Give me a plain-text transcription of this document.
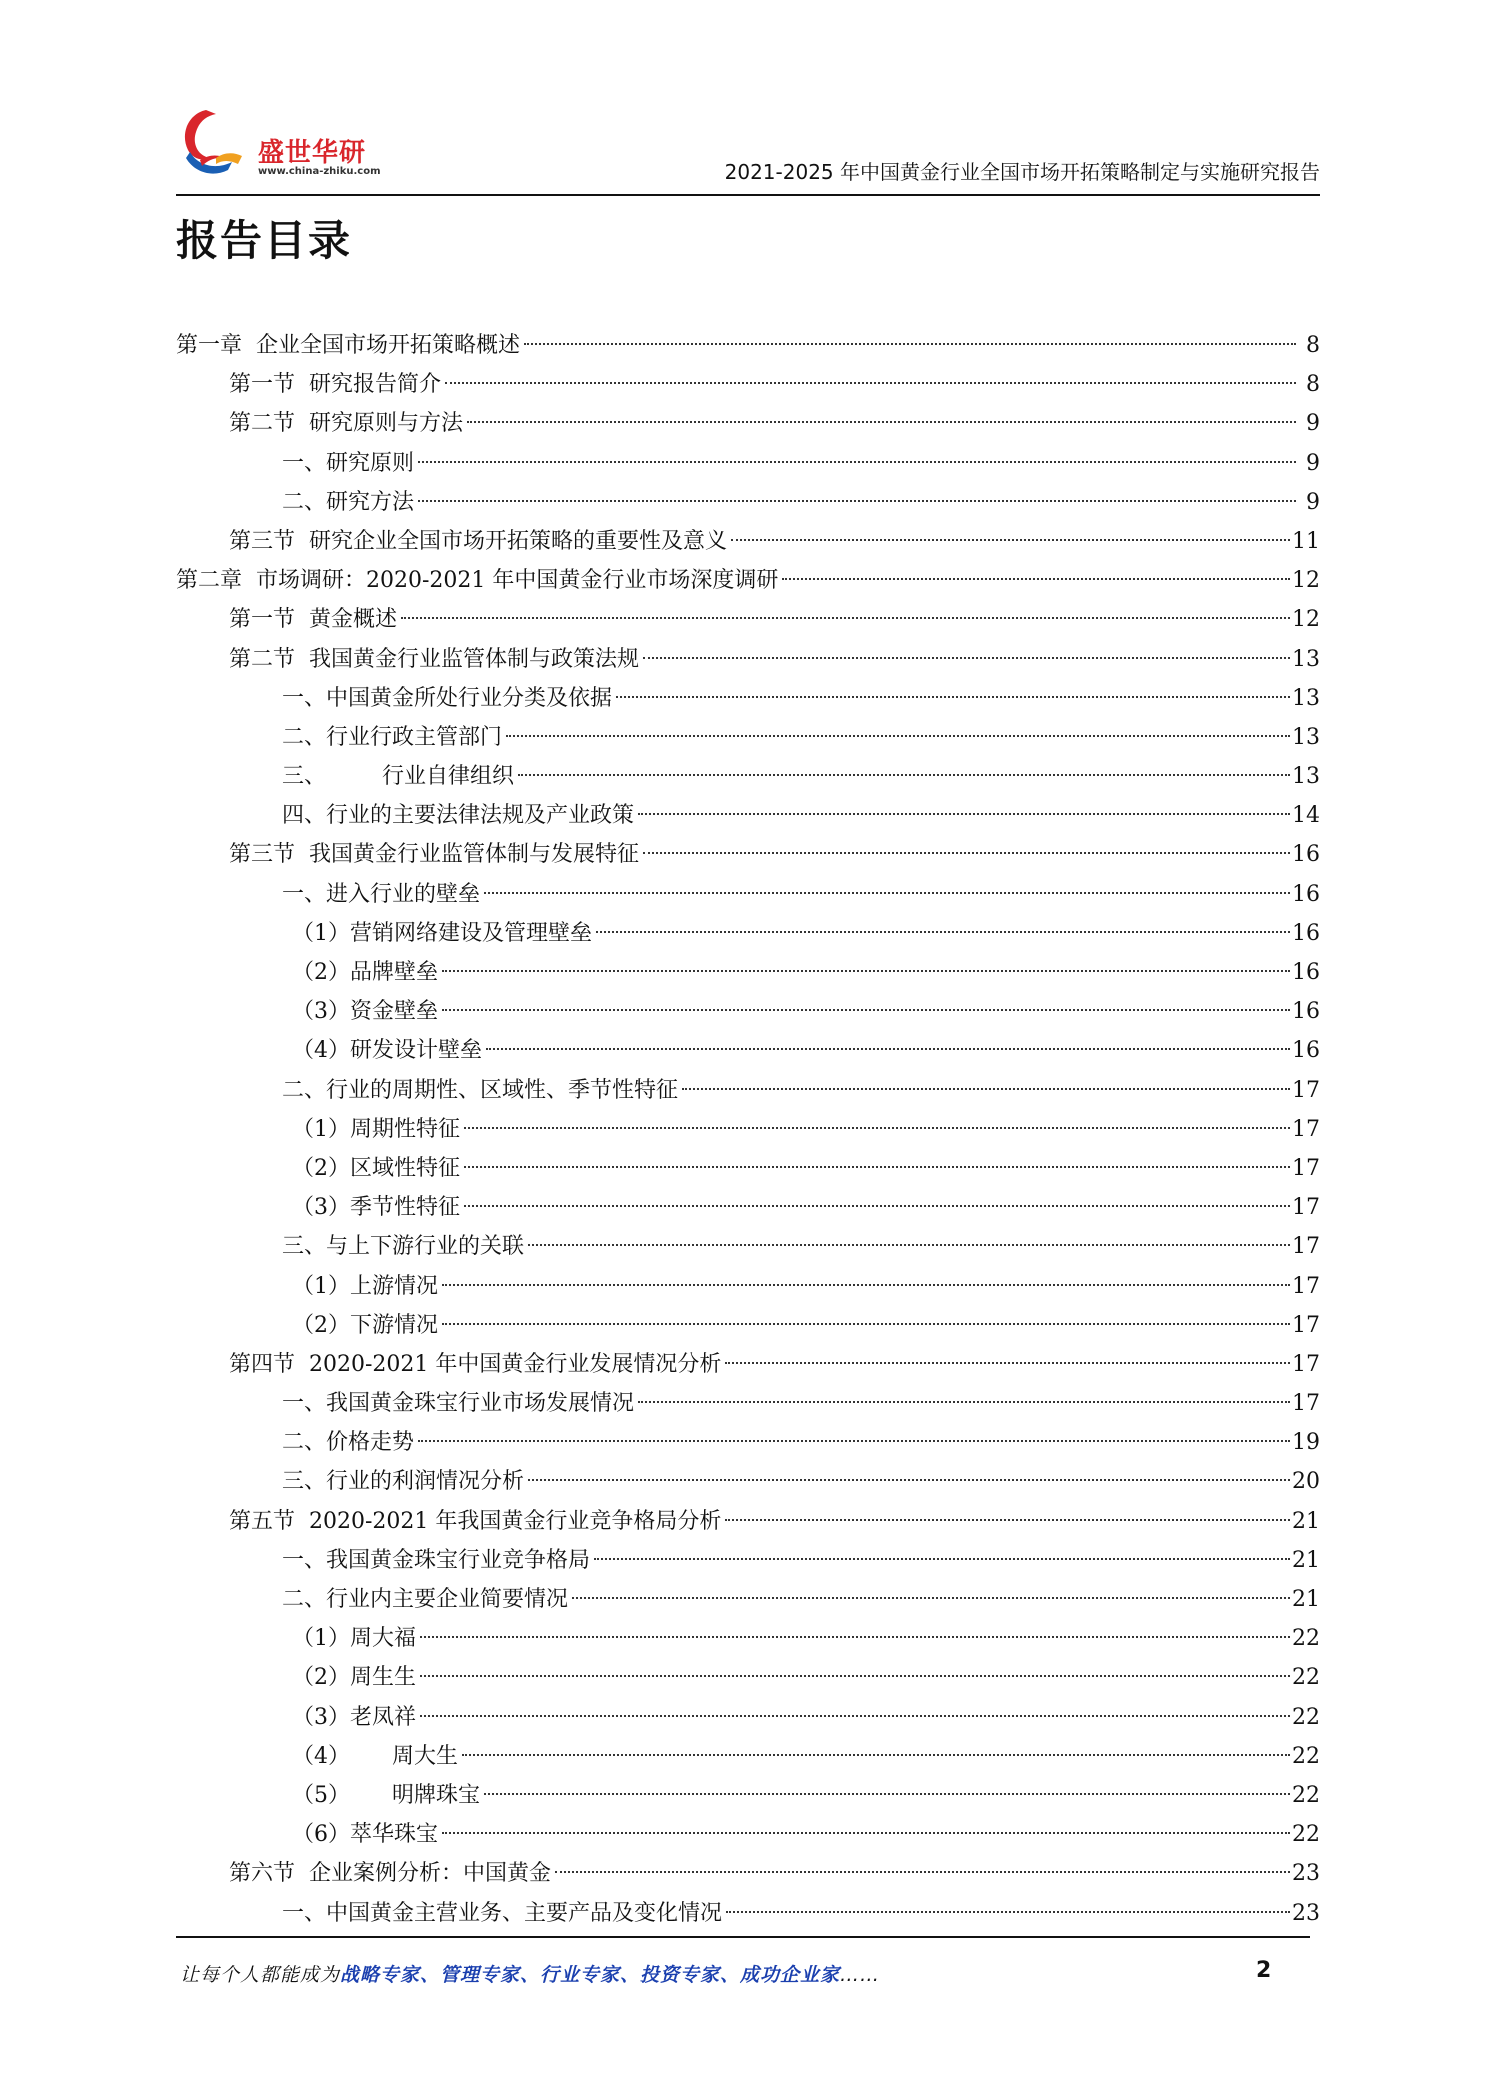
盛世华研
www.china-zhiku.com	2021-2025 年中国黄金行业全国市场开拓策略制定与实施研究报告
报告目录
第一章  企业全国市场开拓策略概述	8
第一节  研究报告简介	8
第二节  研究原则与方法	9
一、研究原则	9
二、研究方法	9
第三节  研究企业全国市场开拓策略的重要性及意义	11
第二章  市场调研：2020-2021 年中国黄金行业市场深度调研	12
第一节  黄金概述	12
第二节  我国黄金行业监管体制与政策法规	13
一、中国黄金所处行业分类及依据	13
二、行业行政主管部门	13
三、        行业自律组织	13
四、行业的主要法律法规及产业政策	14
第三节  我国黄金行业监管体制与发展特征	16
一、进入行业的壁垒	16
（1）营销网络建设及管理壁垒	16
（2）品牌壁垒	16
（3）资金壁垒	16
（4）研发设计壁垒	16
二、行业的周期性、区域性、季节性特征	17
（1）周期性特征	17
（2）区域性特征	17
（3）季节性特征	17
三、与上下游行业的关联	17
（1）上游情况	17
（2）下游情况	17
第四节  2020-2021 年中国黄金行业发展情况分析	17
一、我国黄金珠宝行业市场发展情况	17
二、价格走势	19
三、行业的利润情况分析	20
第五节  2020-2021 年我国黄金行业竞争格局分析	21
一、我国黄金珠宝行业竞争格局	21
二、行业内主要企业简要情况	21
（1）周大福	22
（2）周生生	22
（3）老凤祥	22
（4）      周大生	22
（5）      明牌珠宝	22
（6）萃华珠宝	22
第六节  企业案例分析：中国黄金	23
一、中国黄金主营业务、主要产品及变化情况	23
让每个人都能成为战略专家、管理专家、行业专家、投资专家、成功企业家……	2
